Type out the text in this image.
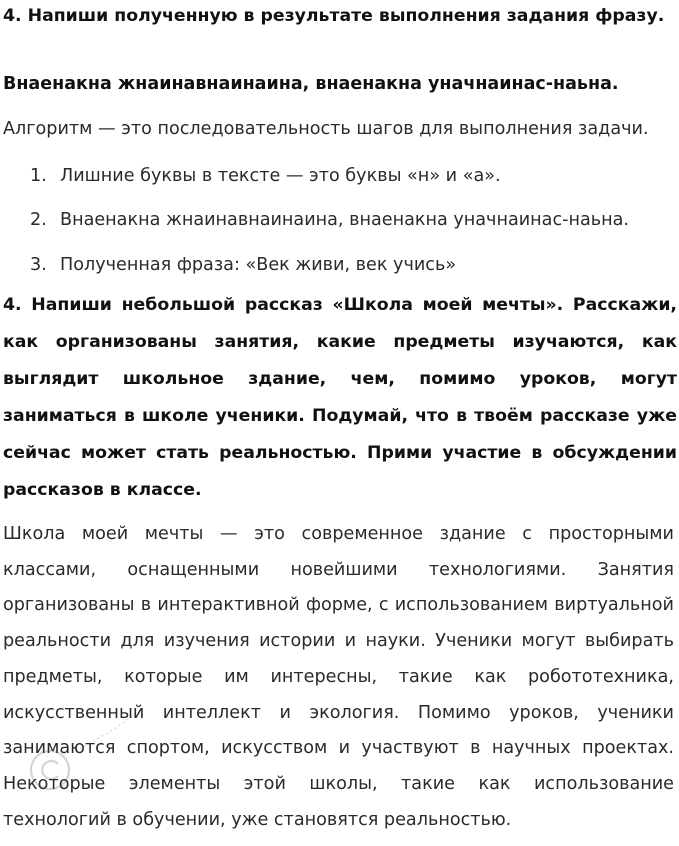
4. Напиши полученную в результате выполнения задания фразу.

Внаенакна жнаинавнаинаина, внаенакна уначнаинас-наьна.
Алгоритм — это последовательность шагов для выполнения задачи.
1. Лишние буквы в тексте — это буквы «н» и «а».
2. Внаенакна жнаинавнаинаина, внаенакна уначнаинас-наьна.
3. Полученная фраза: «Век живи, век учись»

4. Напиши небольшой рассказ «Школа моей мечты». Расскажи, как организованы занятия, какие предметы изучаются, как выглядит школьное здание, чем, помимо уроков, могут заниматься в школе ученики. Подумай, что в твоём рассказе уже сейчас может стать реальностью. Прими участие в обсуждении рассказов в классе.

Школа моей мечты — это современное здание с просторными классами, оснащенными новейшими технологиями. Занятия организованы в интерактивной форме, с использованием виртуальной реальности для изучения истории и науки. Ученики могут выбирать предметы, которые им интересны, такие как робототехника, искусственный интеллект и экология. Помимо уроков, ученики занимаются спортом, искусством и участвуют в научных проектах. Некоторые элементы этой школы, такие как использование технологий в обучении, уже становятся реальностью.
